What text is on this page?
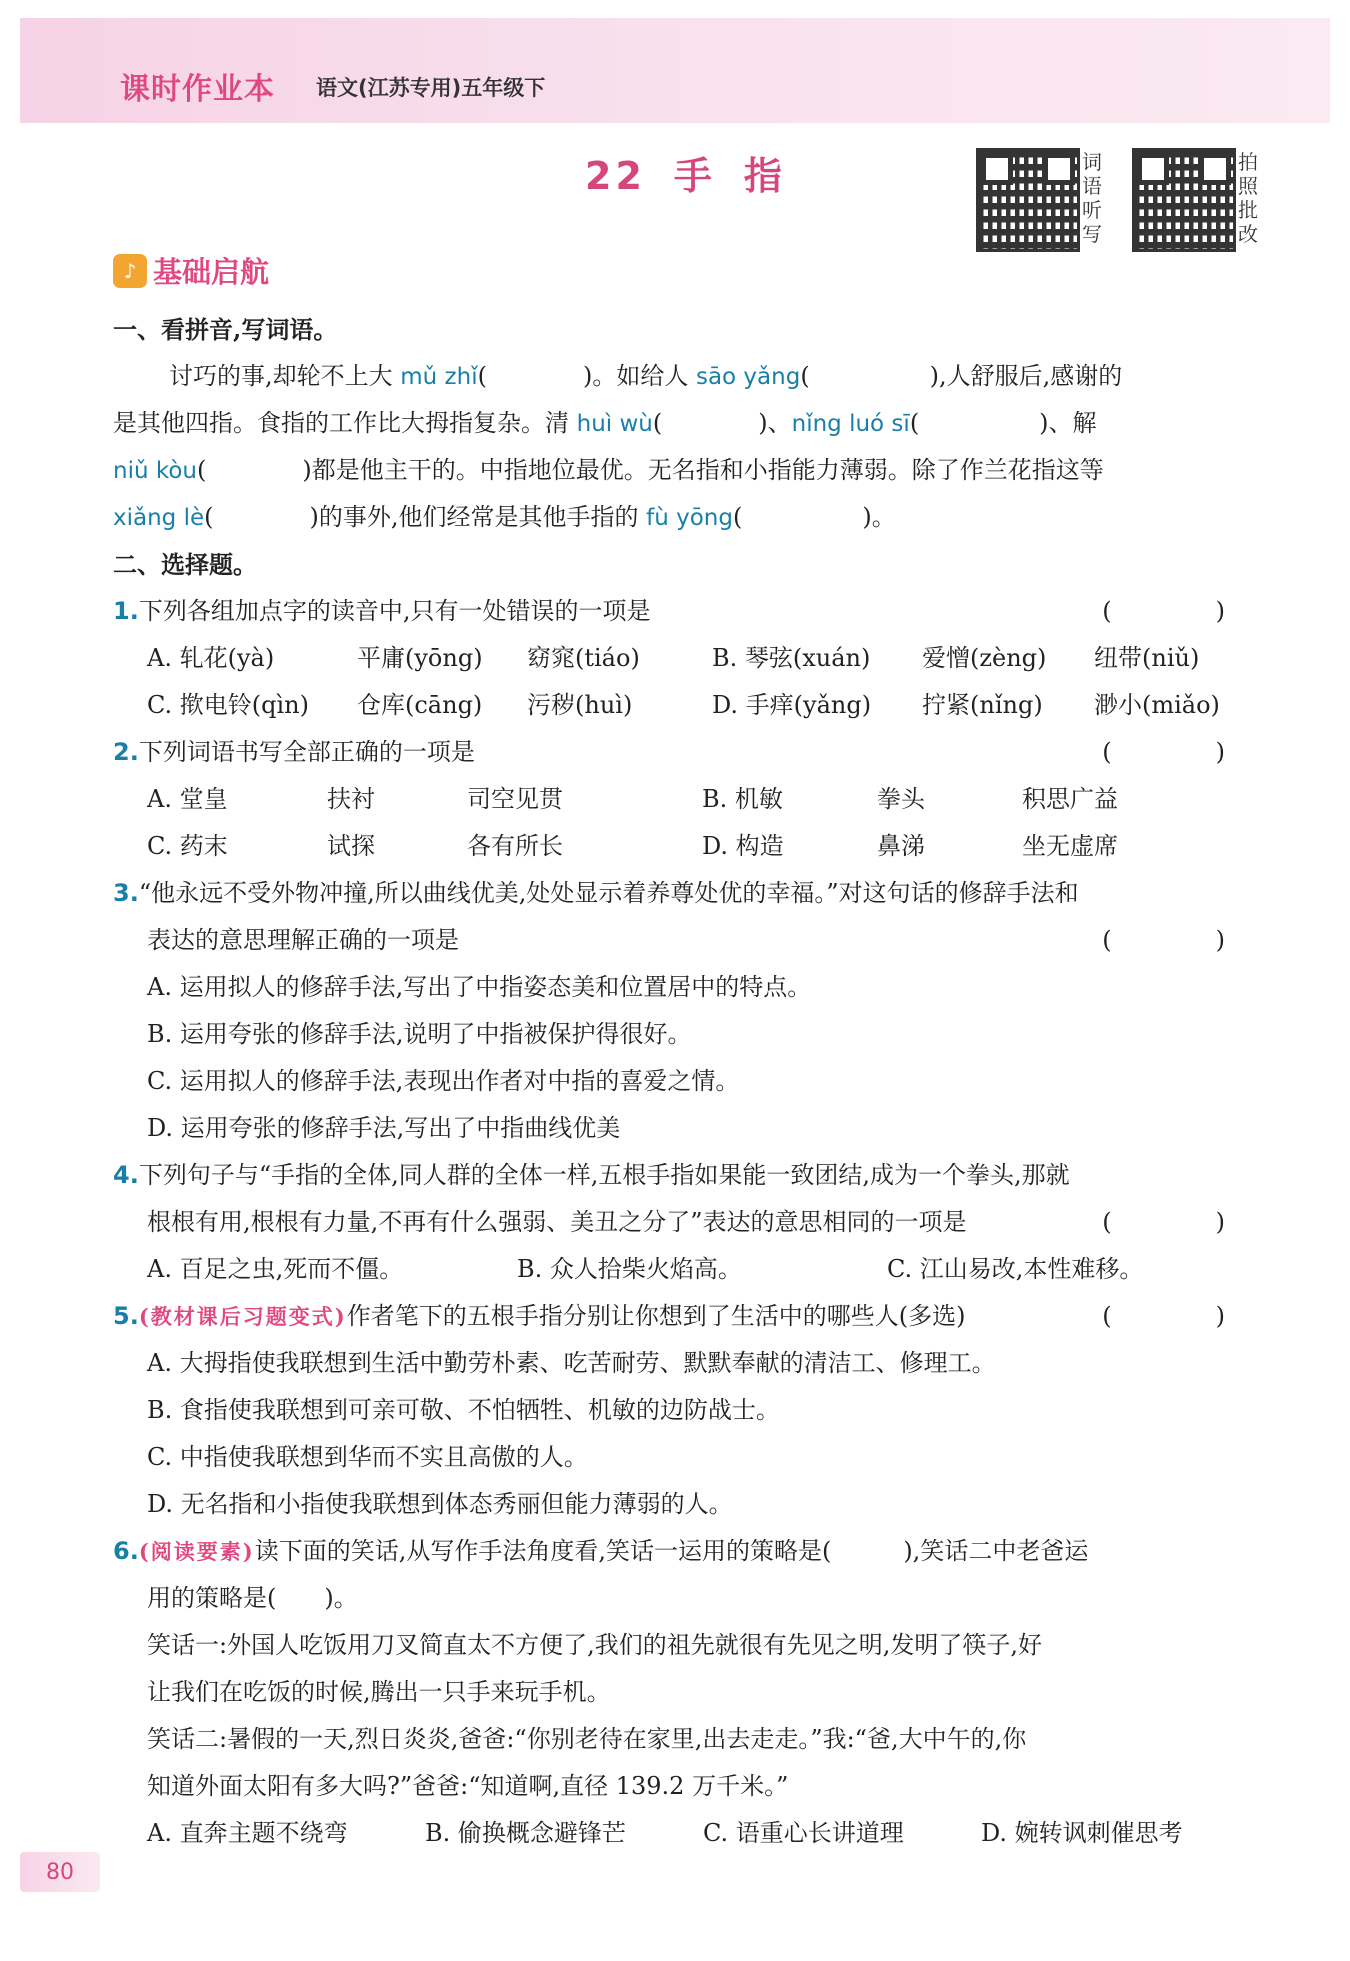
课时作业本 语文(江苏专用)五年级下
22 手 指	词
语
听
写
拍
照
批
改
♪ 基础启航
一、看拼音,写词语。
讨巧的事,却轮不上大 mǔ zhǐ(　　　　)。如给人 sāo yǎng(　　　　　),人舒服后,感谢的
是其他四指。食指的工作比大拇指复杂。清 huì wù(　　　　)、nǐng luó sī(　　　　　)、解
niǔ kòu(　　　　)都是他主干的。中指地位最优。无名指和小指能力薄弱。除了作兰花指这等
xiǎng lè(　　　　)的事外,他们经常是其他手指的 fù yōng(　　　　　)。
二、选择题。
1.下列各组加点字的读音中,只有一处错误的一项是	(　)
A. 轧花(yà)	平庸(yōng)	窈窕(tiáo)	B. 琴弦(xuán)	爱憎(zèng)	纽带(niǔ)
C. 揿电铃(qìn)	仓库(cāng)	污秽(huì)	D. 手痒(yǎng)	拧紧(nǐng)	渺小(miǎo)
2.下列词语书写全部正确的一项是	(　)
A. 堂皇	扶衬	司空见贯	B. 机敏	拳头	积思广益
C. 药末	试探	各有所长	D. 构造	鼻涕	坐无虚席
3.“他永远不受外物冲撞,所以曲线优美,处处显示着养尊处优的幸福。”对这句话的修辞手法和
表达的意思理解正确的一项是	(　)
A. 运用拟人的修辞手法,写出了中指姿态美和位置居中的特点。
B. 运用夸张的修辞手法,说明了中指被保护得很好。
C. 运用拟人的修辞手法,表现出作者对中指的喜爱之情。
D. 运用夸张的修辞手法,写出了中指曲线优美
4.下列句子与“手指的全体,同人群的全体一样,五根手指如果能一致团结,成为一个拳头,那就
根根有用,根根有力量,不再有什么强弱、美丑之分了”表达的意思相同的一项是	(　)
A. 百足之虫,死而不僵。	B. 众人拾柴火焰高。	C. 江山易改,本性难移。
5.(教材课后习题变式)作者笔下的五根手指分别让你想到了生活中的哪些人(多选)	(　)
A. 大拇指使我联想到生活中勤劳朴素、吃苦耐劳、默默奉献的清洁工、修理工。
B. 食指使我联想到可亲可敬、不怕牺牲、机敏的边防战士。
C. 中指使我联想到华而不实且高傲的人。
D. 无名指和小指使我联想到体态秀丽但能力薄弱的人。
6.(阅读要素)读下面的笑话,从写作手法角度看,笑话一运用的策略是(　　　),笑话二中老爸运
用的策略是(　　)。
笑话一:外国人吃饭用刀叉简直太不方便了,我们的祖先就很有先见之明,发明了筷子,好
让我们在吃饭的时候,腾出一只手来玩手机。
笑话二:暑假的一天,烈日炎炎,爸爸:“你别老待在家里,出去走走。”我:“爸,大中午的,你
知道外面太阳有多大吗?”爸爸:“知道啊,直径 139.2 万千米。”
A. 直奔主题不绕弯	B. 偷换概念避锋芒	C. 语重心长讲道理	D. 婉转讽刺催思考
80
